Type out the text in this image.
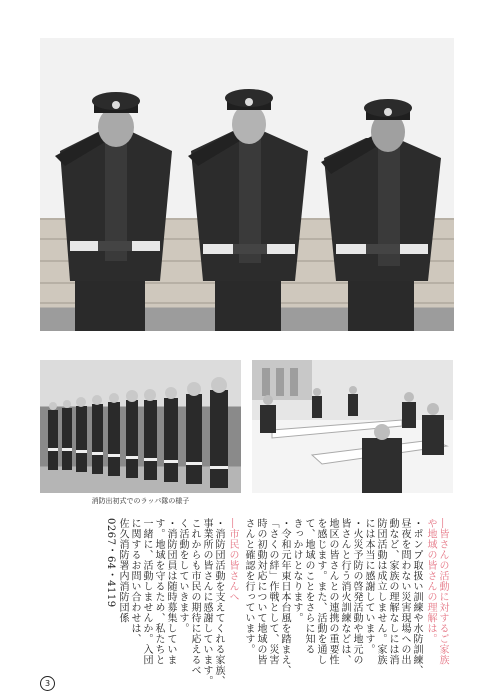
消防出初式でのラッパ隊の様子
―皆さんの活動に対するご家族
や地域の皆さんの理解は。
・ポンプ取扱い訓練や水防訓練、
昼夜を問わない災害現場への出
動など、家族の理解なしには消
防団活動は成立しません。家族
には本当に感謝しています。
・火災予防の啓発活動や地元の
皆さんと行う消火訓練などは、
地区の皆さんとの連携の重要性
を感じます。また、活動を通し
て、地域のことをさらに知る
きっかけとなります。
・令和元年東日本台風を踏まえ、
「さくの絆」作戦として、災害
時の初動対応について地域の皆
さんと確認を行っています。
―市民の皆さんへ
・消防団活動を支えてくれる家族、
事業所の皆さんに感謝しています。
これからも市民の期待に応えるべ
く活動をしていきます。
・消防団員は随時募集していま
す。地域を守るため、私たちと
一緒に、活動しませんか。入団
に関するお問い合わせは、
佐久消防署内消防団係
0267・64・4119
3
